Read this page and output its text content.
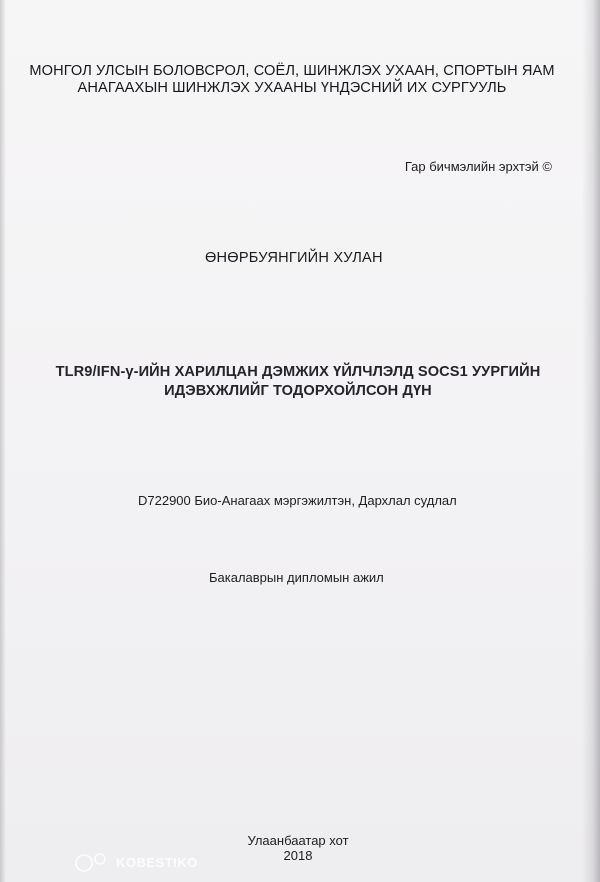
МОНГОЛ УЛСЫН БОЛОВСРОЛ, СОЁЛ, ШИНЖЛЭХ УХААН, СПОРТЫН ЯАМ
АНАГААХЫН ШИНЖЛЭХ УХААНЫ ҮНДЭСНИЙ ИХ СУРГУУЛЬ
Гар бичмэлийн эрхтэй ©
ӨНӨРБУЯНГИЙН ХУЛАН
TLR9/IFN-γ-ИЙН ХАРИЛЦАН ДЭМЖИХ ҮЙЛЧЛЭЛД SOCS1 УУРГИЙН
ИДЭВХЖЛИЙГ ТОДОРХОЙЛСОН ДҮН
D722900 Био-Анагаах мэргэжилтэн, Дархлал судлал
Бакалаврын дипломын ажил
Улаанбаатар хот
2018
KOBESTIKO
